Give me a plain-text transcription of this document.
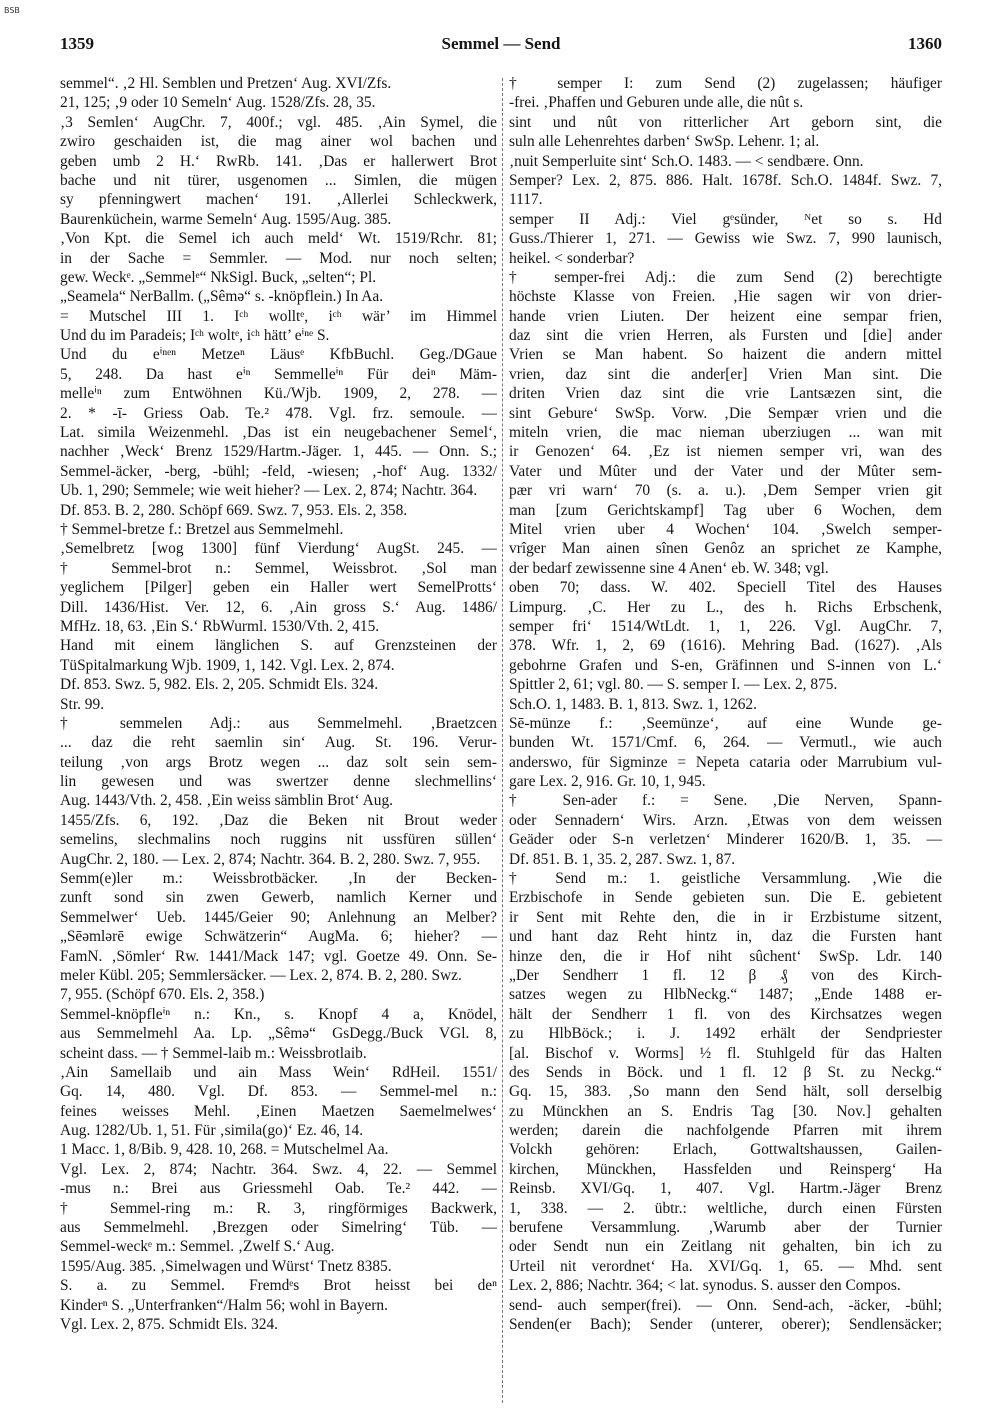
BSB
1359	Semmel — Send	1360
semmel“. ‚2 Hl. Semblen und Pretzen‘ Aug. XVI/Zfs.
21, 125; ‚9 oder 10 Semeln‘ Aug. 1528/Zfs. 28, 35.
‚3 Semlen‘ AugChr. 7, 400f.; vgl. 485. ‚Ain Symel, die
zwiro geschaiden ist, die mag ainer wol bachen und
geben umb 2 H.‘ RwRb. 141. ‚Das er hallerwert Brot
bache und nit türer, usgenomen ... Simlen, die mügen
sy pfenningwert machen‘ 191. ‚Allerlei Schleckwerk,
Baurenküchein, warme Semeln‘ Aug. 1595/Aug. 385.
‚Von Kpt. die Semel ich auch meld‘ Wt. 1519/Rchr. 81;
in der Sache = Semmler. — Mod. nur noch selten;
gew. Weckᵉ. „Semmelᵉ“ NkSigl. Buck, „selten“; Pl.
„Seamela“ NerBallm. („Sêmə“ s. -knöpflein.) In Aa.
= Mutschel III 1. Iᶜʰ wolltᵉ, iᶜʰ wär’ im Himmel
Und du im Paradeis; Iᶜʰ woltᵉ, iᶜʰ hätt’ eⁱⁿᵉ S.
Und du eⁱⁿᵉⁿ Metzeⁿ Läusᵉ KfbBuchl. Geg./DGaue
5, 248. Da hast eⁱⁿ Semmelleⁱⁿ Für deiⁿ Mäm-
melleⁱⁿ zum Entwöhnen Kü./Wjb. 1909, 2, 278. —
2. * -ī- Griess Oab. Te.² 478. Vgl. frz. semoule. —
Lat. simila Weizenmehl. ‚Das ist ein neugebachener Semel‘,
nachher ‚Weck‘ Brenz 1529/Hartm.-Jäger. 1, 445. — Onn. S.;
Semmel-äcker, -berg, -bühl; -feld, -wiesen; ‚-hof‘ Aug. 1332/
Ub. 1, 290; Semmele; wie weit hieher? — Lex. 2, 874; Nachtr. 364.
Df. 853. B. 2, 280. Schöpf 669. Swz. 7, 953. Els. 2, 358.
† Semmel-bretze f.: Bretzel aus Semmelmehl.
‚Semelbretz [wog 1300] fünf Vierdung‘ AugSt. 245. —
† Semmel-brot n.: Semmel, Weissbrot. ‚Sol man
yeglichem [Pilger] geben ein Haller wert SemelProtts‘
Dill. 1436/Hist. Ver. 12, 6. ‚Ain gross S.‘ Aug. 1486/
MfHz. 18, 63. ‚Ein S.‘ RbWurml. 1530/Vth. 2, 415.
Hand mit einem länglichen S. auf Grenzsteinen der
TüSpitalmarkung Wjb. 1909, 1, 142. Vgl. Lex. 2, 874.
Df. 853. Swz. 5, 982. Els. 2, 205. Schmidt Els. 324.
Str. 99.
† semmelen Adj.: aus Semmelmehl. ‚Braetzcen
... daz die reht saemlin sin‘ Aug. St. 196. Verur-
teilung ‚von args Brotz wegen ... daz solt sein sem-
lin gewesen und was swertzer denne slechmellins‘
Aug. 1443/Vth. 2, 458. ‚Ein weiss sämblin Brot‘ Aug.
1455/Zfs. 6, 192. ‚Daz die Beken nit Brout weder
semelins, slechmalins noch ruggins nit ussfüren süllen‘
AugChr. 2, 180. — Lex. 2, 874; Nachtr. 364. B. 2, 280. Swz. 7, 955.
Semm(e)ler m.: Weissbrotbäcker. ‚In der Becken-
zunft sond sin zwen Gewerb, namlich Kerner und
Semmelwer‘ Ueb. 1445/Geier 90; Anlehnung an Melber?
„Sēəmlərē ewige Schwätzerin“ AugMa. 6; hieher? —
FamN. ‚Sömler‘ Rw. 1441/Mack 147; vgl. Goetze 49. Onn. Se-
meler Kübl. 205; Semmlersäcker. — Lex. 2, 874. B. 2, 280. Swz.
7, 955. (Schöpf 670. Els. 2, 358.)
Semmel-knöpfleⁱⁿ n.: Kn., s. Knopf 4 a, Knödel,
aus Semmelmehl Aa. Lp. „Sêmə“ GsDegg./Buck VGl. 8,
scheint dass. — † Semmel-laib m.: Weissbrotlaib.
‚Ain Samellaib und ain Mass Wein‘ RdHeil. 1551/
Gq. 14, 480. Vgl. Df. 853. — Semmel-mel n.:
feines weisses Mehl. ‚Einen Maetzen Saemelmelwes‘
Aug. 1282/Ub. 1, 51. Für ‚simila(go)‘ Ez. 46, 14.
1 Macc. 1, 8/Bib. 9, 428. 10, 268. = Mutschelmel Aa.
Vgl. Lex. 2, 874; Nachtr. 364. Swz. 4, 22. — Semmel
-mus n.: Brei aus Griessmehl Oab. Te.² 442. —
† Semmel-ring m.: R. 3, ringförmiges Backwerk,
aus Semmelmehl. ‚Brezgen oder Simelring‘ Tüb. —
Semmel-weckᵉ m.: Semmel. ‚Zwelf S.‘ Aug.
1595/Aug. 385. ‚Simelwagen und Würst‘ Tnetz 8385.
S. a. zu Semmel. Fremdᵉs Brot heisst bei deⁿ
Kinderⁿ S. „Unterfranken“/Halm 56; wohl in Bayern.
Vgl. Lex. 2, 875. Schmidt Els. 324.
† semper I: zum Send (2) zugelassen; häufiger
-frei. ‚Phaffen und Geburen unde alle, die nût s.
sint und nût von ritterlicher Art geborn sint, die
suln alle Lehenrehtes darben‘ SwSp. Lehenr. 1; al.
‚nuit Semperluite sint‘ Sch.O. 1483. — < sendbære. Onn.
Semper? Lex. 2, 875. 886. Halt. 1678f. Sch.O. 1484f. Swz. 7,
1117.
semper II Adj.: Viel gᵉsünder, ᴺet so s. Hd
Guss./Thierer 1, 271. — Gewiss wie Swz. 7, 990 launisch,
heikel. < sonderbar?
† semper-frei Adj.: die zum Send (2) berechtigte
höchste Klasse von Freien. ‚Hie sagen wir von drier-
hande vrien Liuten. Der heizent eine sempar frien,
daz sint die vrien Herren, als Fursten und [die] ander
Vrien se Man habent. So haizent die andern mittel
vrien, daz sint die ander[er] Vrien Man sint. Die
driten Vrien daz sint die vrie Lantsæzen sint, die
sint Gebure‘ SwSp. Vorw. ‚Die Sempær vrien und die
miteln vrien, die mac nieman uberziugen ... wan mit
ir Genozen‘ 64. ‚Ez ist niemen semper vri, wan des
Vater und Mûter und der Vater und der Mûter sem-
pær vri warn‘ 70 (s. a. u.). ‚Dem Semper vrien git
man [zum Gerichtskampf] Tag uber 6 Wochen, dem
Mitel vrien uber 4 Wochen‘ 104. ‚Swelch semper-
vrîger Man ainen sînen Genôz an sprichet ze Kamphe,
der bedarf zewissenne sine 4 Anen‘ eb. W. 348; vgl.
oben 70; dass. W. 402. Speciell Titel des Hauses
Limpurg. ‚C. Her zu L., des h. Richs Erbschenk,
semper fri‘ 1514/WtLdt. 1, 1, 226. Vgl. AugChr. 7,
378. Wfr. 1, 2, 69 (1616). Mehring Bad. (1627). ‚Als
gebohrne Grafen und S-en, Gräfinnen und S-innen von L.‘
Spittler 2, 61; vgl. 80. — S. semper I. — Lex. 2, 875.
Sch.O. 1, 1483. B. 1, 813. Swz. 1, 1262.
Sē-münze f.: ‚Seemünze‘, auf eine Wunde ge-
bunden Wt. 1571/Cmf. 6, 264. — Vermutl., wie auch
anderswo, für Sigminze = Nepeta cataria oder Marrubium vul-
gare Lex. 2, 916. Gr. 10, 1, 945.
† Sen-ader f.: = Sene. ‚Die Nerven, Spann-
oder Sennadern‘ Wirs. Arzn. ‚Etwas von dem weissen
Geäder oder S-n verletzen‘ Minderer 1620/B. 1, 35. —
Df. 851. B. 1, 35. 2, 287. Swz. 1, 87.
† Send m.: 1. geistliche Versammlung. ‚Wie die
Erzbischofe in Sende gebieten sun. Die E. gebietent
ir Sent mit Rehte den, die in ir Erzbistume sitzent,
und hant daz Reht hintz in, daz die Fursten hant
hinze den, die ir Hof niht sûchent‘ SwSp. Ldr. 140
„Der Sendherr 1 fl. 12 β ₰ von des Kirch-
satzes wegen zu HlbNeckg.“ 1487; „Ende 1488 er-
hält der Sendherr 1 fl. von des Kirchsatzes wegen
zu HlbBöck.; i. J. 1492 erhält der Sendpriester
[al. Bischof v. Worms] ½ fl. Stuhlgeld für das Halten
des Sends in Böck. und 1 fl. 12 β St. zu Neckg.“
Gq. 15, 383. ‚So mann den Send hält, soll derselbig
zu Münckhen an S. Endris Tag [30. Nov.] gehalten
werden; darein die nachfolgende Pfarren mit ihrem
Volckh gehören: Erlach, Gottwaltshaussen, Gailen-
kirchen, Münckhen, Hassfelden und Reinsperg‘ Ha
Reinsb. XVI/Gq. 1, 407. Vgl. Hartm.-Jäger Brenz
1, 338. — 2. übtr.: weltliche, durch einen Fürsten
berufene Versammlung. ‚Warumb aber der Turnier
oder Sendt nun ein Zeitlang nit gehalten, bin ich zu
Urteil nit verordnet‘ Ha. XVI/Gq. 1, 65. — Mhd. sent
Lex. 2, 886; Nachtr. 364; < lat. synodus. S. ausser den Compos.
send- auch semper(frei). — Onn. Send-ach, -äcker, -bühl;
Senden(er Bach); Sender (unterer, oberer); Sendlensäcker;
